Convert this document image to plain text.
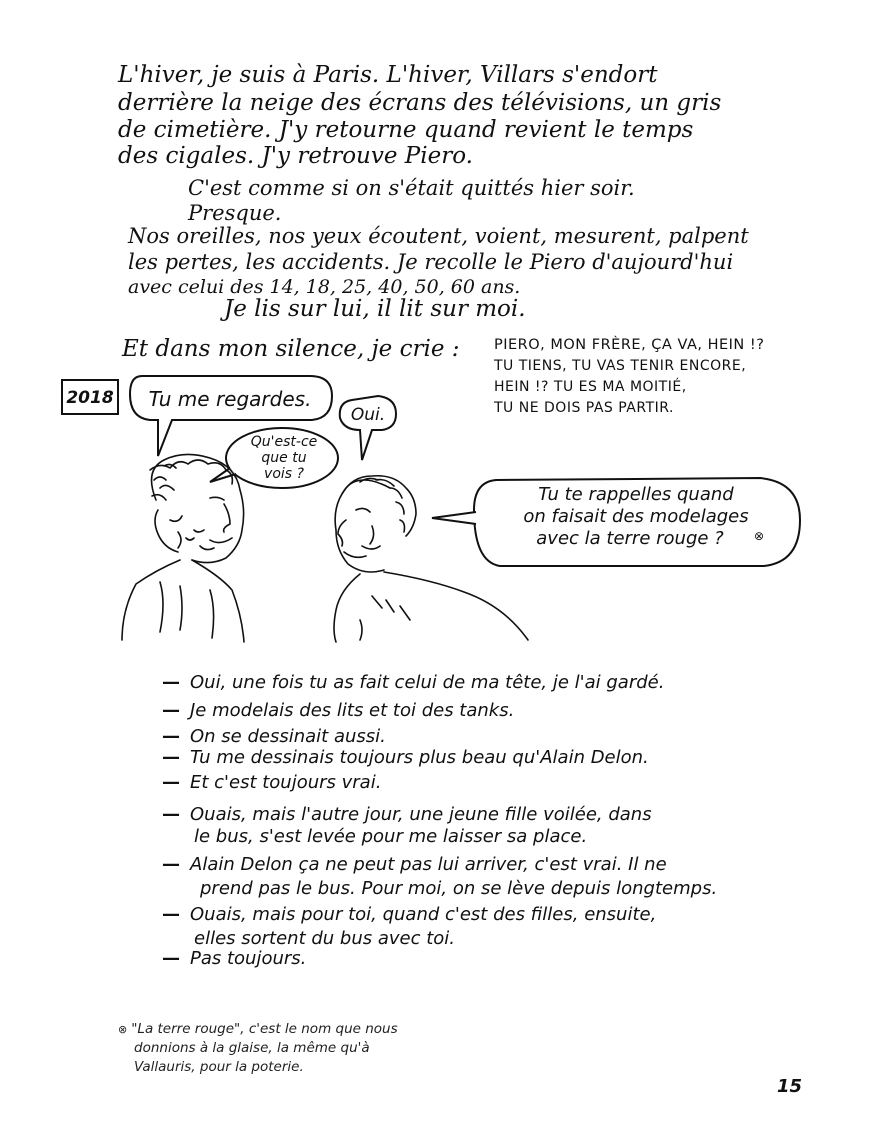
L'hiver, je suis à Paris. L'hiver, Villars s'endort
derrière la neige des écrans des télévisions, un gris
de cimetière. J'y retourne quand revient le temps
des cigales. J'y retrouve Piero.
C'est comme si on s'était quittés hier soir.
Presque.
Nos oreilles, nos yeux écoutent, voient, mesurent, palpent
les pertes, les accidents. Je recolle le Piero d'aujourd'hui
avec celui des 14, 18, 25, 40, 50, 60 ans.
Je lis sur lui, il lit sur moi.
Et dans mon silence, je crie : PIERO, MON FRÈRE, ÇA VA, HEIN !?
TU TIENS, TU VAS TENIR ENCORE,
HEIN !? TU ES MA MOITIÉ,
TU NE DOIS PAS PARTIR.
2018 Tu me regardes.
Oui.
Qu'est-ce
que tu
vois ?
Tu te rappelles quand
on faisait des modelages
avec la terre rouge ?	⊗
— Oui, une fois tu as fait celui de ma tête, je l'ai gardé.
— Je modelais des lits et toi des tanks.
— On se dessinait aussi.
— Tu me dessinais toujours plus beau qu'Alain Delon.
— Et c'est toujours vrai.
— Ouais, mais l'autre jour, une jeune fille voilée, dans
le bus, s'est levée pour me laisser sa place.
— Alain Delon ça ne peut pas lui arriver, c'est vrai. Il ne
prend pas le bus. Pour moi, on se lève depuis longtemps.
— Ouais, mais pour toi, quand c'est des filles, ensuite,
elles sortent du bus avec toi.
— Pas toujours.
⊗ "La terre rouge", c'est le nom que nous
donnions à la glaise, la même qu'à
Vallauris, pour la poterie.
15
